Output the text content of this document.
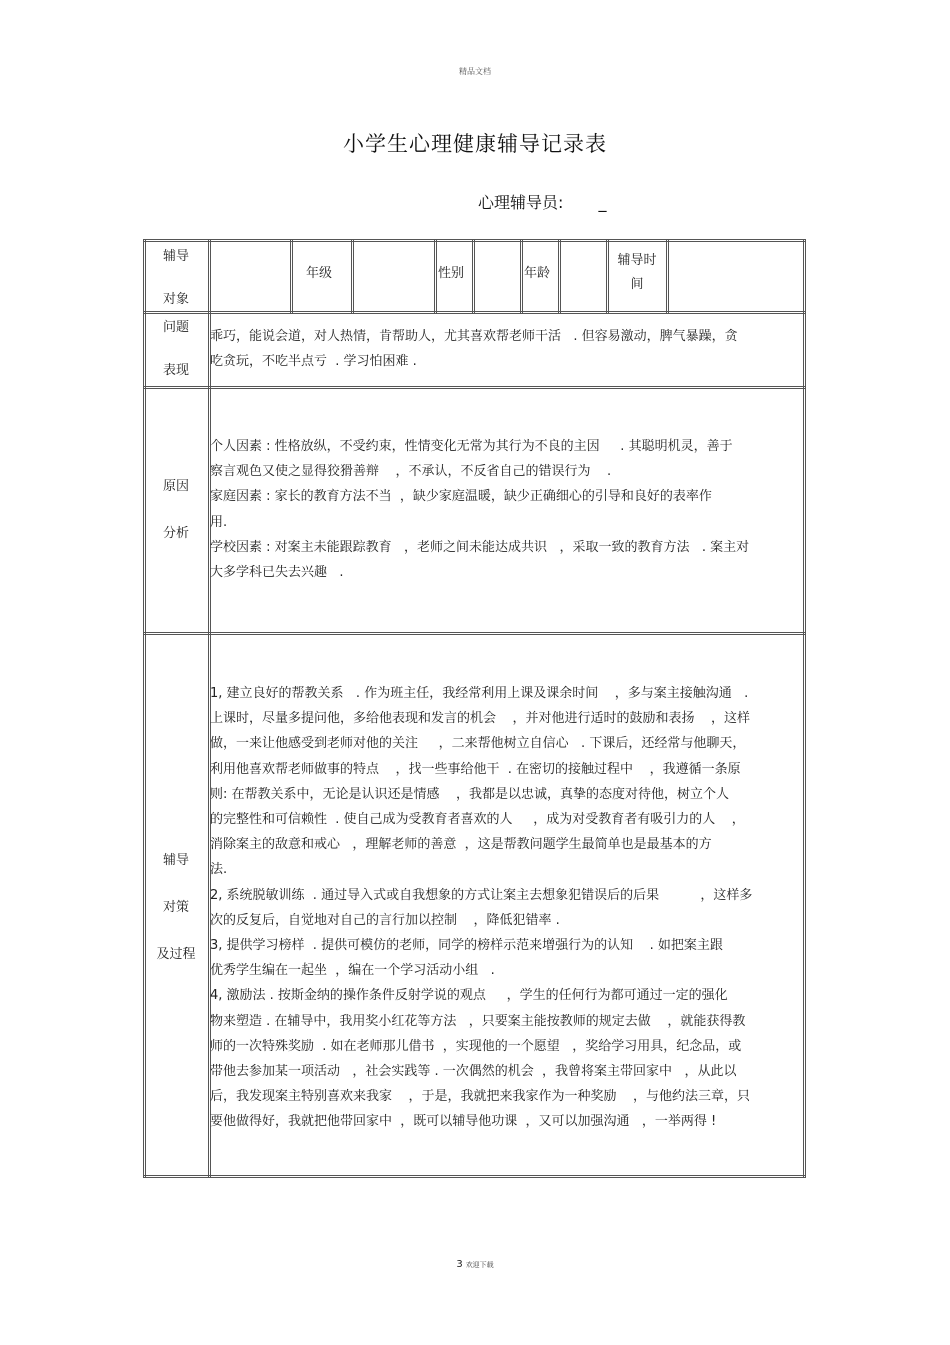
精品文档
小学生心理健康辅导记录表
心理辅导员: _
辅导
对象
年级	性别	年龄
辅导时
间
问题
表现

乖巧，能说会道，对人热情，肯帮助人，尤其喜欢帮老师干活   . 但容易激动，脾气暴躁，贪

吃贪玩，不吃半点亏  . 学习怕困难 .

原因
分析

个人因素 : 性格放纵，不受约束，性情变化无常为其行为不良的主因     . 其聪明机灵，善于

察言观色又使之显得狡猾善辩    ，不承认，不反省自己的错误行为    .

家庭因素 : 家长的教育方法不当  ，缺少家庭温暖，缺少正确细心的引导和良好的表率作

用.

学校因素 : 对案主未能跟踪教育   ，老师之间未能达成共识   ，采取一致的教育方法   . 案主对

大多学科已失去兴趣   .

辅导
对策
及过程

1, 建立良好的帮教关系   . 作为班主任，我经常利用上课及课余时间    ，多与案主接触沟通   .

上课时，尽量多提问他，多给他表现和发言的机会    ，并对他进行适时的鼓励和表扬    ，这样

做，一来让他感受到老师对他的关注     ，二来帮他树立自信心   . 下课后，还经常与他聊天，

利用他喜欢帮老师做事的特点    ，找一些事给他干  . 在密切的接触过程中    ，我遵循一条原

则: 在帮教关系中，无论是认识还是情感    ，我都是以忠诚，真挚的态度对待他，树立个人

的完整性和可信赖性  . 使自己成为受教育者喜欢的人     ，成为对受教育者有吸引力的人    ，

消除案主的敌意和戒心   ，理解老师的善意  ，这是帮教问题学生最简单也是最基本的方

法.

2, 系统脱敏训练  . 通过导入式或自我想象的方式让案主去想象犯错误后的后果          ，这样多

次的反复后，自觉地对自己的言行加以控制    ，降低犯错率 .

3, 提供学习榜样  . 提供可模仿的老师，同学的榜样示范来增强行为的认知    . 如把案主跟

优秀学生编在一起坐  ，编在一个学习活动小组   .

4, 激励法 . 按斯金纳的操作条件反射学说的观点     ，学生的任何行为都可通过一定的强化

物来塑造 . 在辅导中，我用奖小红花等方法   ，只要案主能按教师的规定去做    ，就能获得教

师的一次特殊奖励  . 如在老师那儿借书  ，实现他的一个愿望   ，奖给学习用具，纪念品，或

带他去参加某一项活动   ，社会实践等 . 一次偶然的机会  ，我曾将案主带回家中   ，从此以

后，我发现案主特别喜欢来我家    ，于是，我就把来我家作为一种奖励    ，与他约法三章，只

要他做得好，我就把他带回家中  ，既可以辅导他功课  ，又可以加强沟通   ，一举两得 !

3 欢迎下载
